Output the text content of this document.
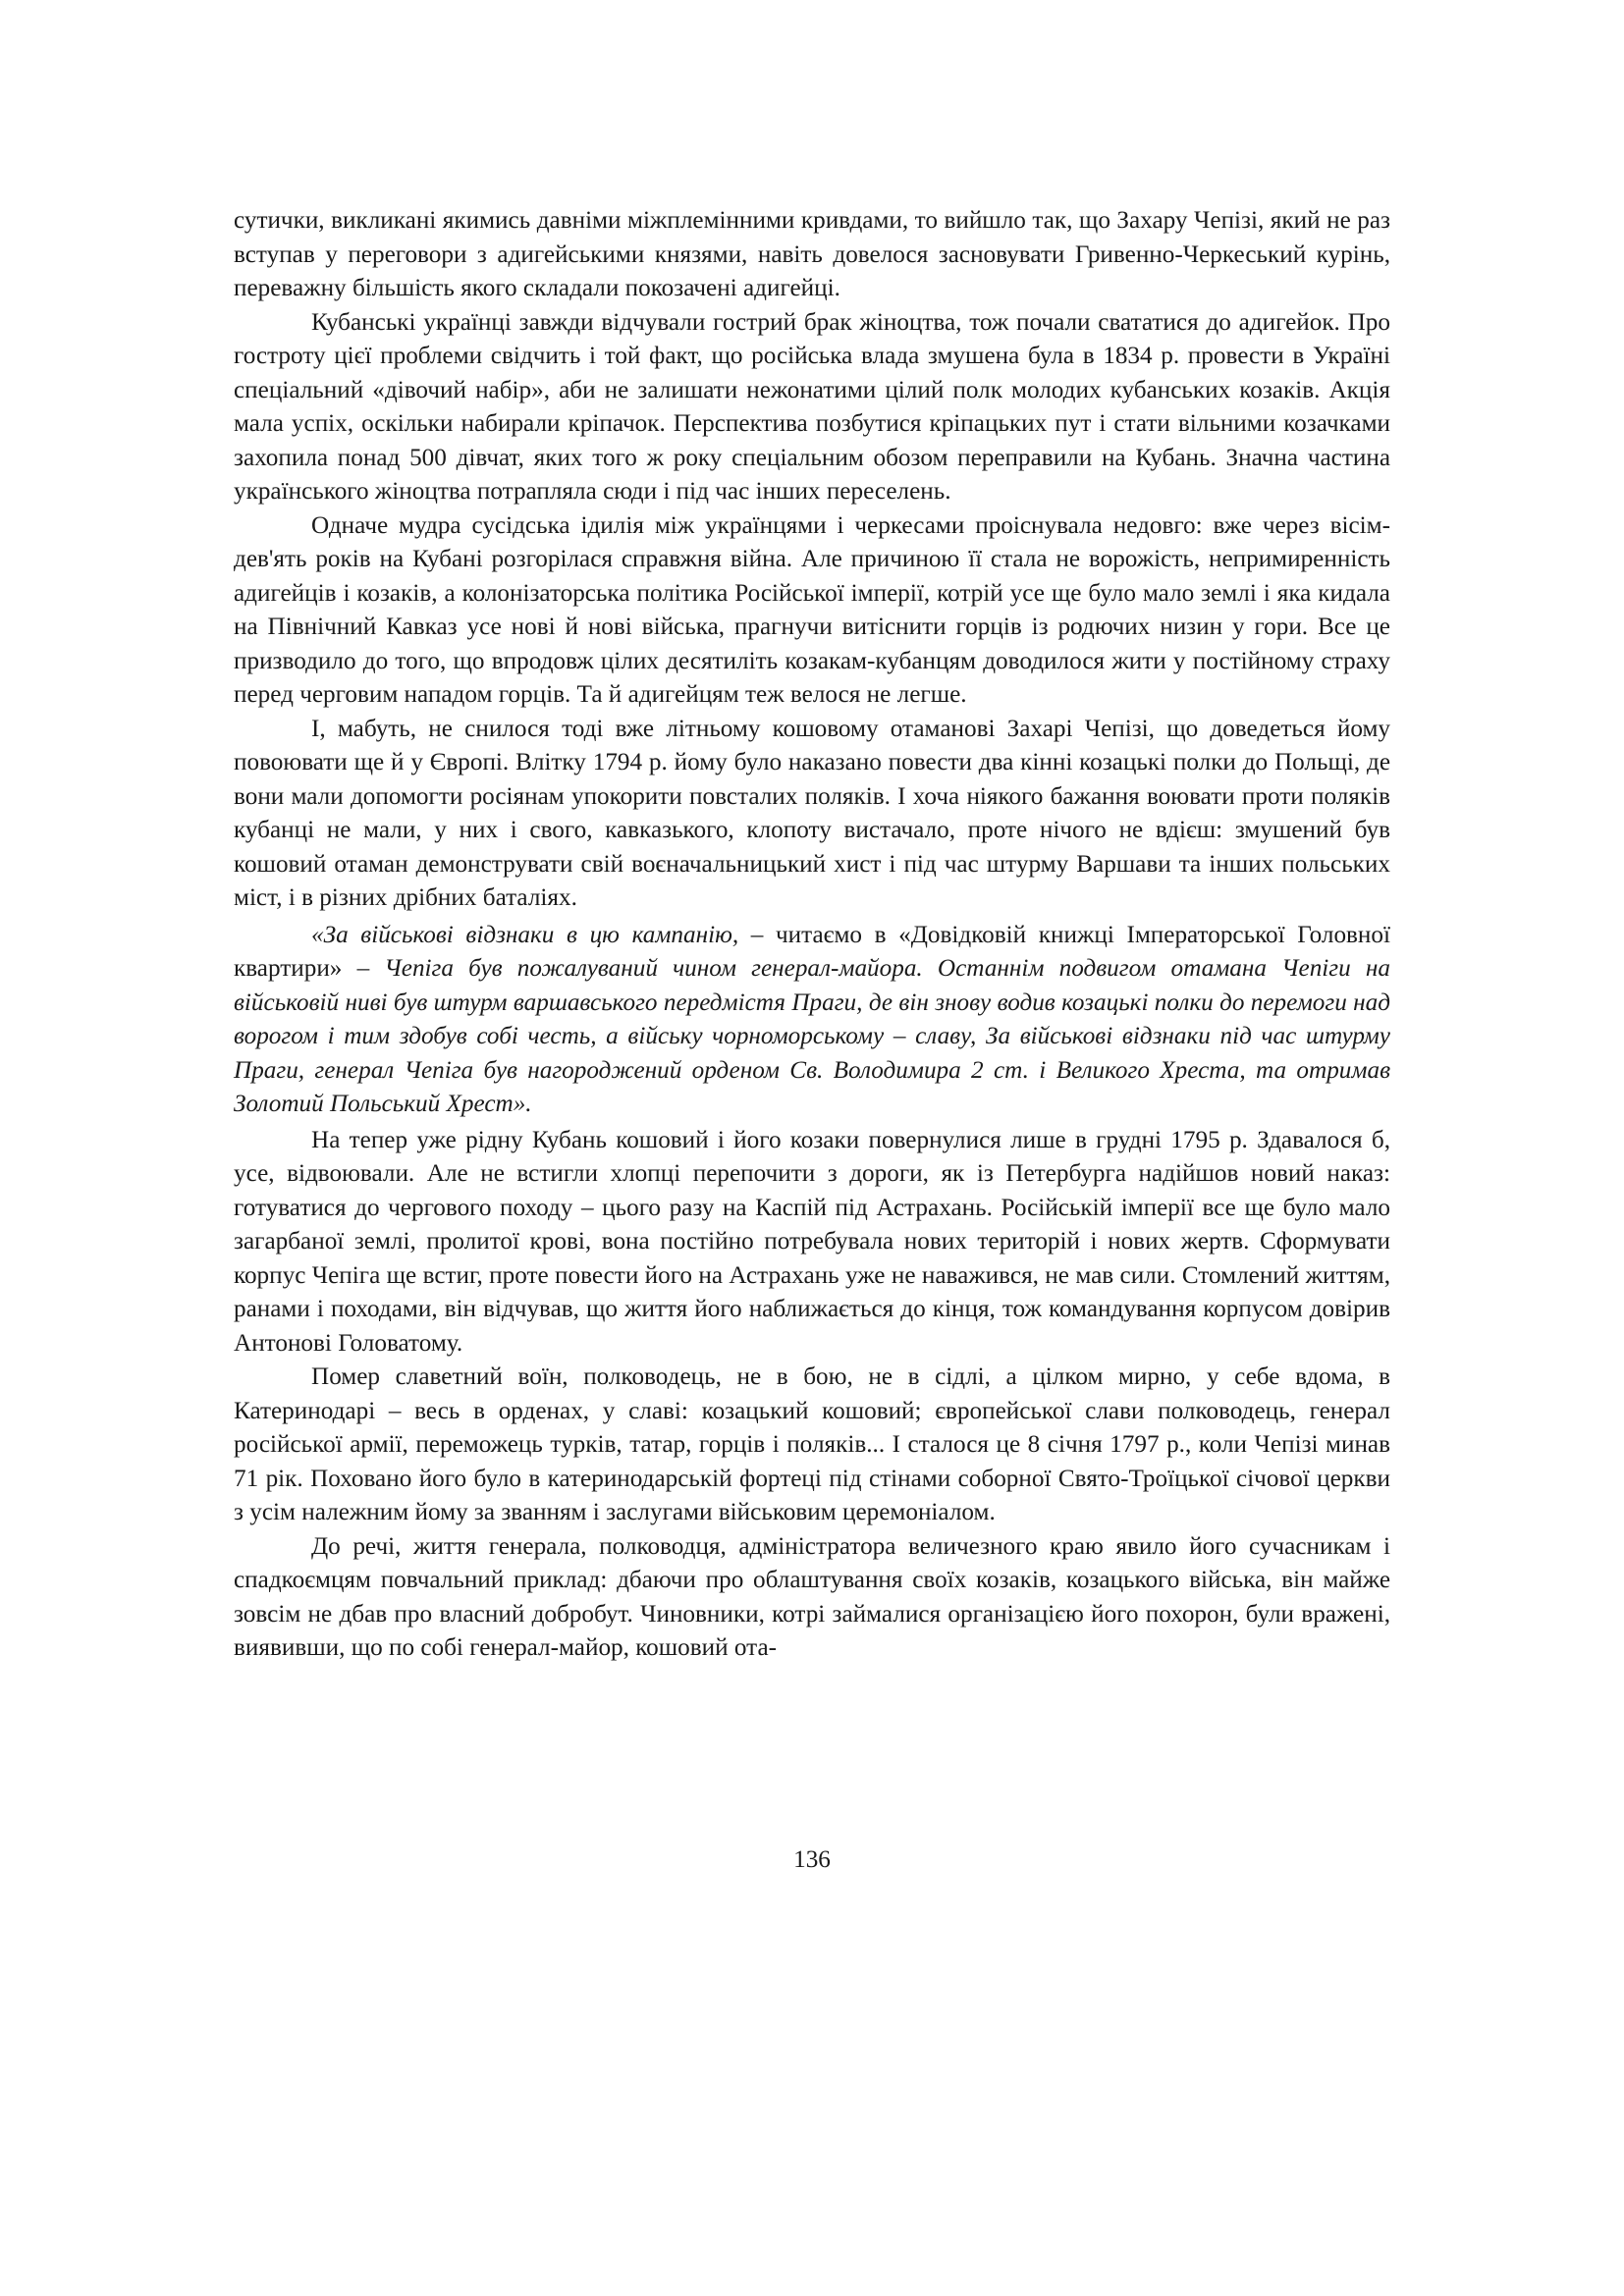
сутички, викликані якимись давніми міжплемінними кривдами, то вийшло так, що Захару Чепізі, який не раз вступав у переговори з адигейськими князями, навіть довелося засновувати Гривенно-Черкеський курінь, переважну більшість якого складали покозачені адигейці.

Кубанські українці завжди відчували гострий брак жіноцтва, тож почали свататися до адигейок. Про гостроту цієї проблеми свідчить і той факт, що російська влада змушена була в 1834 р. провести в Україні спеціальний «дівочий набір», аби не залишати нежонатими цілий полк молодих кубанських козаків. Акція мала успіх, оскільки набирали кріпачок. Перспектива позбутися кріпацьких пут і стати вільними козачками захопила понад 500 дівчат, яких того ж року спеціальним обозом переправили на Кубань. Значна частина українського жіноцтва потрапляла сюди і під час інших переселень.

Одначе мудра сусідська ідилія між українцями і черкесами проіснувала недовго: вже через вісім-дев'ять років на Кубані розгорілася справжня війна. Але причиною її стала не ворожість, непримиренність адигейців і козаків, а колонізаторська політика Російської імперії, котрій усе ще було мало землі і яка кидала на Північний Кавказ усе нові й нові війська, прагнучи витіснити горців із родючих низин у гори. Все це призводило до того, що впродовж цілих десятиліть козакам-кубанцям доводилося жити у постійному страху перед черговим нападом горців. Та й адигейцям теж велося не легше.

І, мабуть, не снилося тоді вже літньому кошовому отаманові Захарі Чепізі, що доведеться йому повоювати ще й у Європі. Влітку 1794 р. йому було наказано повести два кінні козацькі полки до Польщі, де вони мали допомогти росіянам упокорити повсталих поляків. І хоча ніякого бажання воювати проти поляків кубанці не мали, у них і свого, кавказького, клопоту вистачало, проте нічого не вдієш: змушений був кошовий отаман демонструвати свій воєначальницький хист і під час штурму Варшави та інших польських міст, і в різних дрібних баталіях.

«За військові відзнаки в цю кампанію, – читаємо в «Довідковій книжці Імператорської Головної квартири» – Чепіга був пожалуваний чином генерал-майора. Останнім подвигом отамана Чепіги на військовій ниві був штурм варшавського передмістя Праги, де він знову водив козацькі полки до перемоги над ворогом і тим здобув собі честь, а війську чорноморському – славу, За військові відзнаки під час штурму Праги, генерал Чепіга був нагороджений орденом Св. Володимира 2 ст. і Великого Хреста, та отримав Золотий Польський Хрест».

На тепер уже рідну Кубань кошовий і його козаки повернулися лише в грудні 1795 р. Здавалося б, усе, відвоювали. Але не встигли хлопці перепочити з дороги, як із Петербурга надійшов новий наказ: готуватися до чергового походу – цього разу на Каспій під Астрахань. Російській імперії все ще було мало загарбаної землі, пролитої крові, вона постійно потребувала нових територій і нових жертв. Сформувати корпус Чепіга ще встиг, проте повести його на Астрахань уже не наважився, не мав сили. Стомлений життям, ранами і походами, він відчував, що життя його наближається до кінця, тож командування корпусом довірив Антонові Головатому.

Помер славетний воїн, полководець, не в бою, не в сідлі, а цілком мирно, у себе вдома, в Катеринодарі – весь в орденах, у славі: козацький кошовий; європейської слави полководець, генерал російської армії, переможець турків, татар, горців і поляків... І сталося це 8 січня 1797 р., коли Чепізі минав 71 рік. Поховано його було в катеринодарській фортеці під стінами соборної Свято-Троїцької січової церкви з усім належним йому за званням і заслугами військовим церемоніалом.

До речі, життя генерала, полководця, адміністратора величезного краю явило його сучасникам і спадкоємцям повчальний приклад: дбаючи про облаштування своїх козаків, козацького війська, він майже зовсім не дбав про власний добробут. Чиновники, котрі займалися організацією його похорон, були вражені, виявивши, що по собі генерал-майор, кошовий ота-

136
